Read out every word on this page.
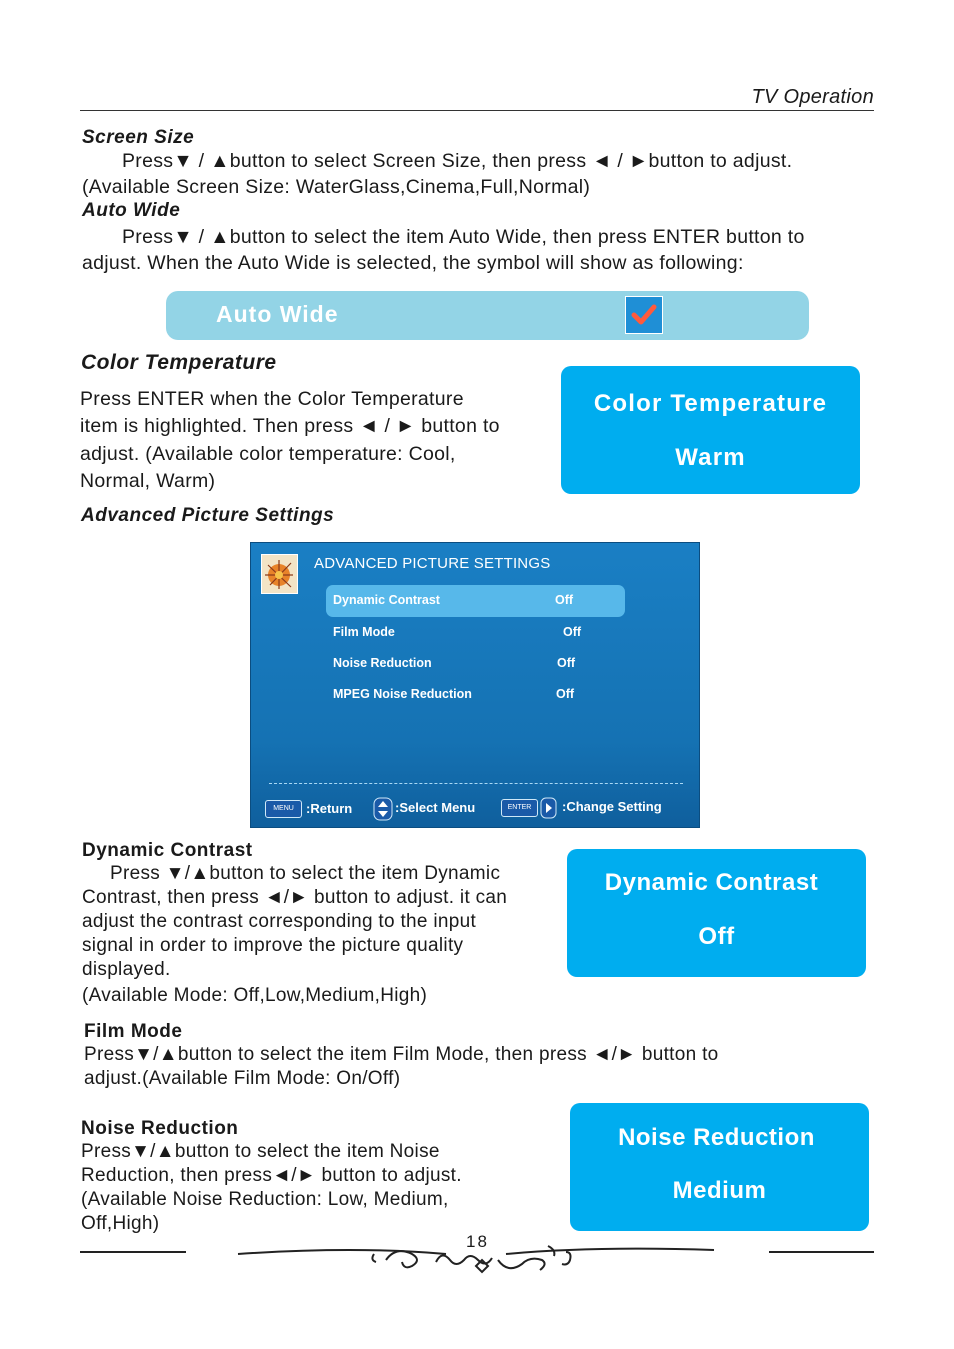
TV Operation
Screen Size
Press▼ / ▲button to select Screen Size, then press ◄ / ►button to adjust.
(Available Screen Size: WaterGlass,Cinema,Full,Normal)
Auto Wide
Press▼ / ▲button to select the item Auto Wide, then press ENTER button to
adjust. When the Auto Wide is selected, the symbol will show as following:
Auto Wide
Color Temperature
Press ENTER when the Color Temperature
item is highlighted. Then press ◄ / ► button to
adjust. (Available color temperature: Cool,
Normal, Warm)
Color Temperature
Warm
Advanced Picture Settings
ADVANCED PICTURE SETTINGS
Dynamic Contrast	Off
Film Mode	Off
Noise Reduction	Off
MPEG Noise Reduction	Off
MENU :Return	:Select Menu	ENTER	:Change Setting
Dynamic Contrast
Press ▼/▲button to select the item Dynamic
Contrast, then press ◄/► button to adjust. it can
adjust the contrast corresponding to the input
signal in order to improve the picture quality
displayed.
(Available Mode: Off,Low,Medium,High)
Dynamic Contrast
Off
Film Mode
Press▼/▲button to select the item Film Mode, then press ◄/► button to
adjust.(Available Film Mode: On/Off)
Noise Reduction
Press▼/▲button to select the item Noise
Reduction, then press◄/► button to adjust.
(Available Noise Reduction: Low, Medium,
Off,High)
Noise Reduction
Medium
18
